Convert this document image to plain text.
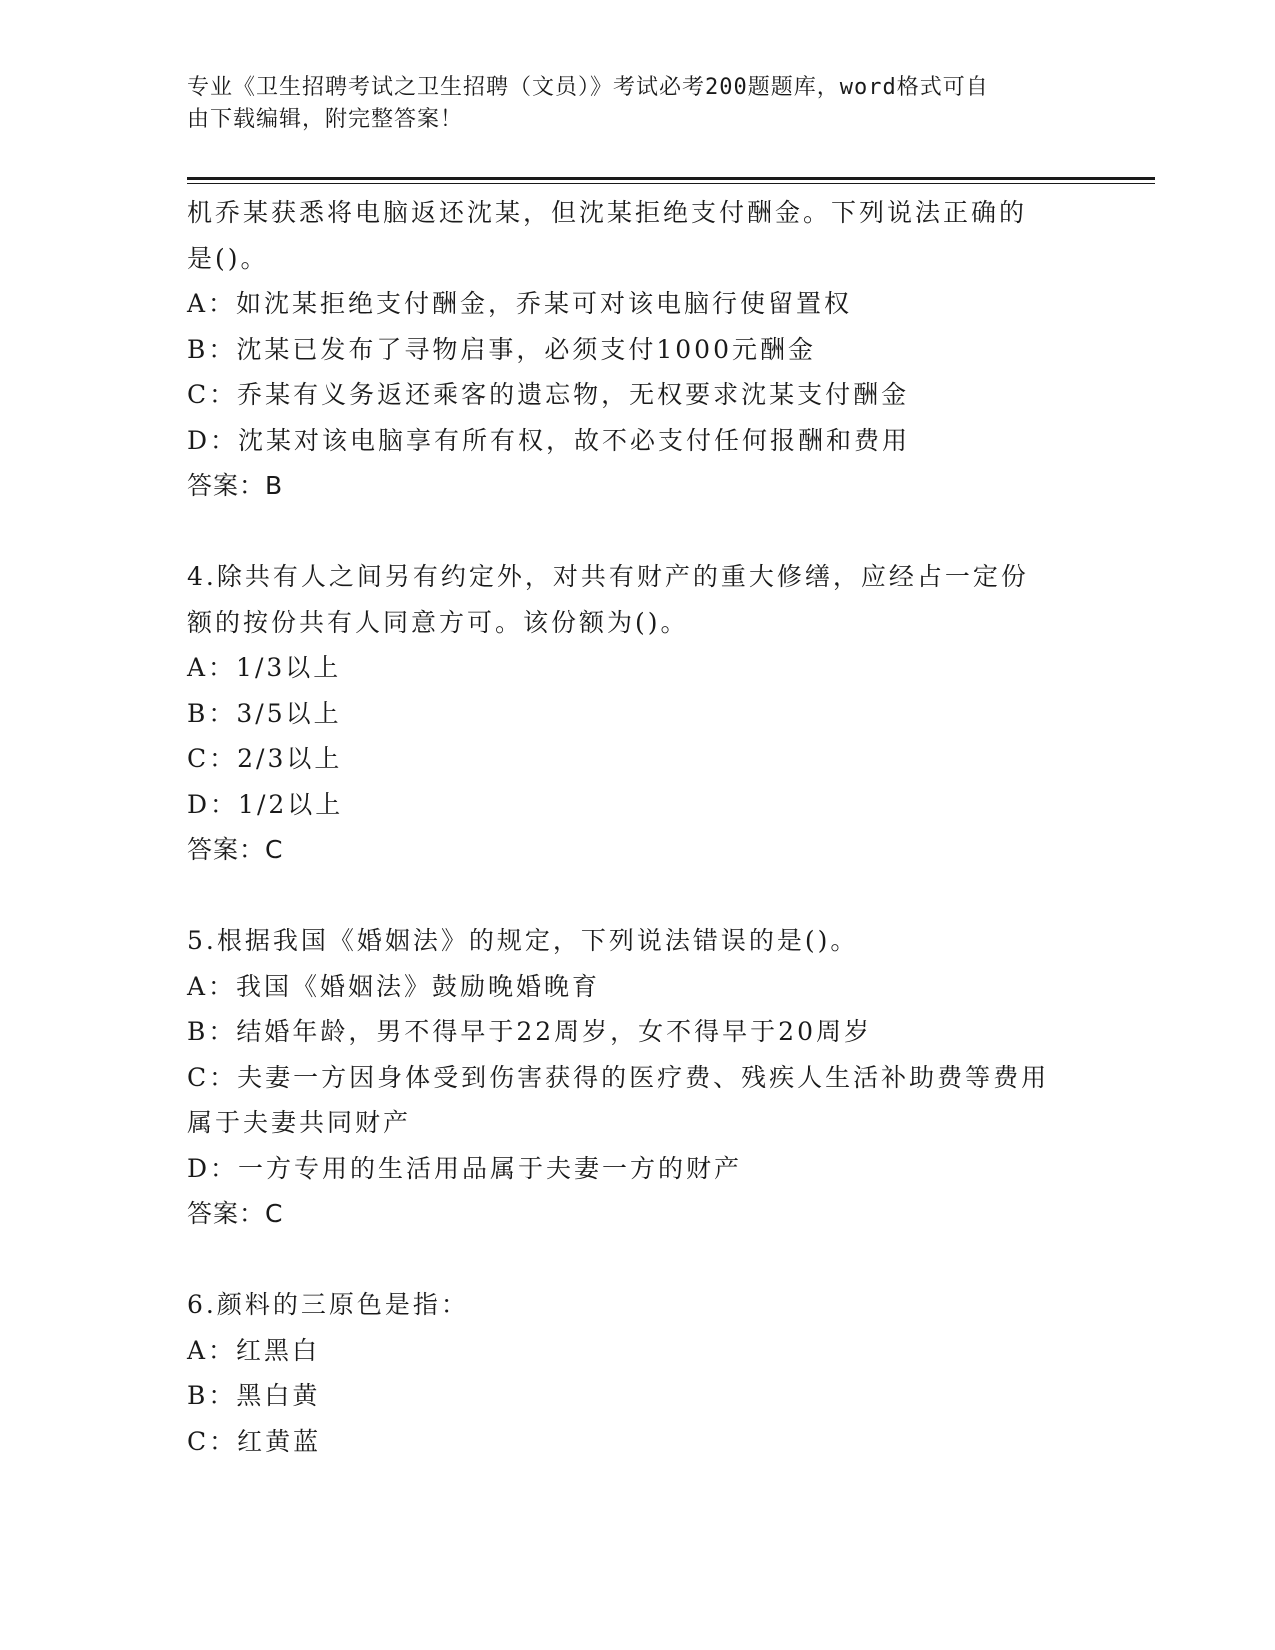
专业《卫生招聘考试之卫生招聘（文员）》考试必考200题题库，word格式可自
由下载编辑，附完整答案！
机乔某获悉将电脑返还沈某，但沈某拒绝支付酬金。下列说法正确的
是()。
A：如沈某拒绝支付酬金，乔某可对该电脑行使留置权
B：沈某已发布了寻物启事，必须支付1000元酬金
C：乔某有义务返还乘客的遗忘物，无权要求沈某支付酬金
D：沈某对该电脑享有所有权，故不必支付任何报酬和费用
答案：B
4.除共有人之间另有约定外，对共有财产的重大修缮，应经占一定份
额的按份共有人同意方可。该份额为()。
A：1/3以上
B：3/5以上
C：2/3以上
D：1/2以上
答案：C
5.根据我国《婚姻法》的规定，下列说法错误的是()。
A：我国《婚姻法》鼓励晚婚晚育
B：结婚年龄，男不得早于22周岁，女不得早于20周岁
C：夫妻一方因身体受到伤害获得的医疗费、残疾人生活补助费等费用
属于夫妻共同财产
D：一方专用的生活用品属于夫妻一方的财产
答案：C
6.颜料的三原色是指：
A：红黑白
B：黑白黄
C：红黄蓝
